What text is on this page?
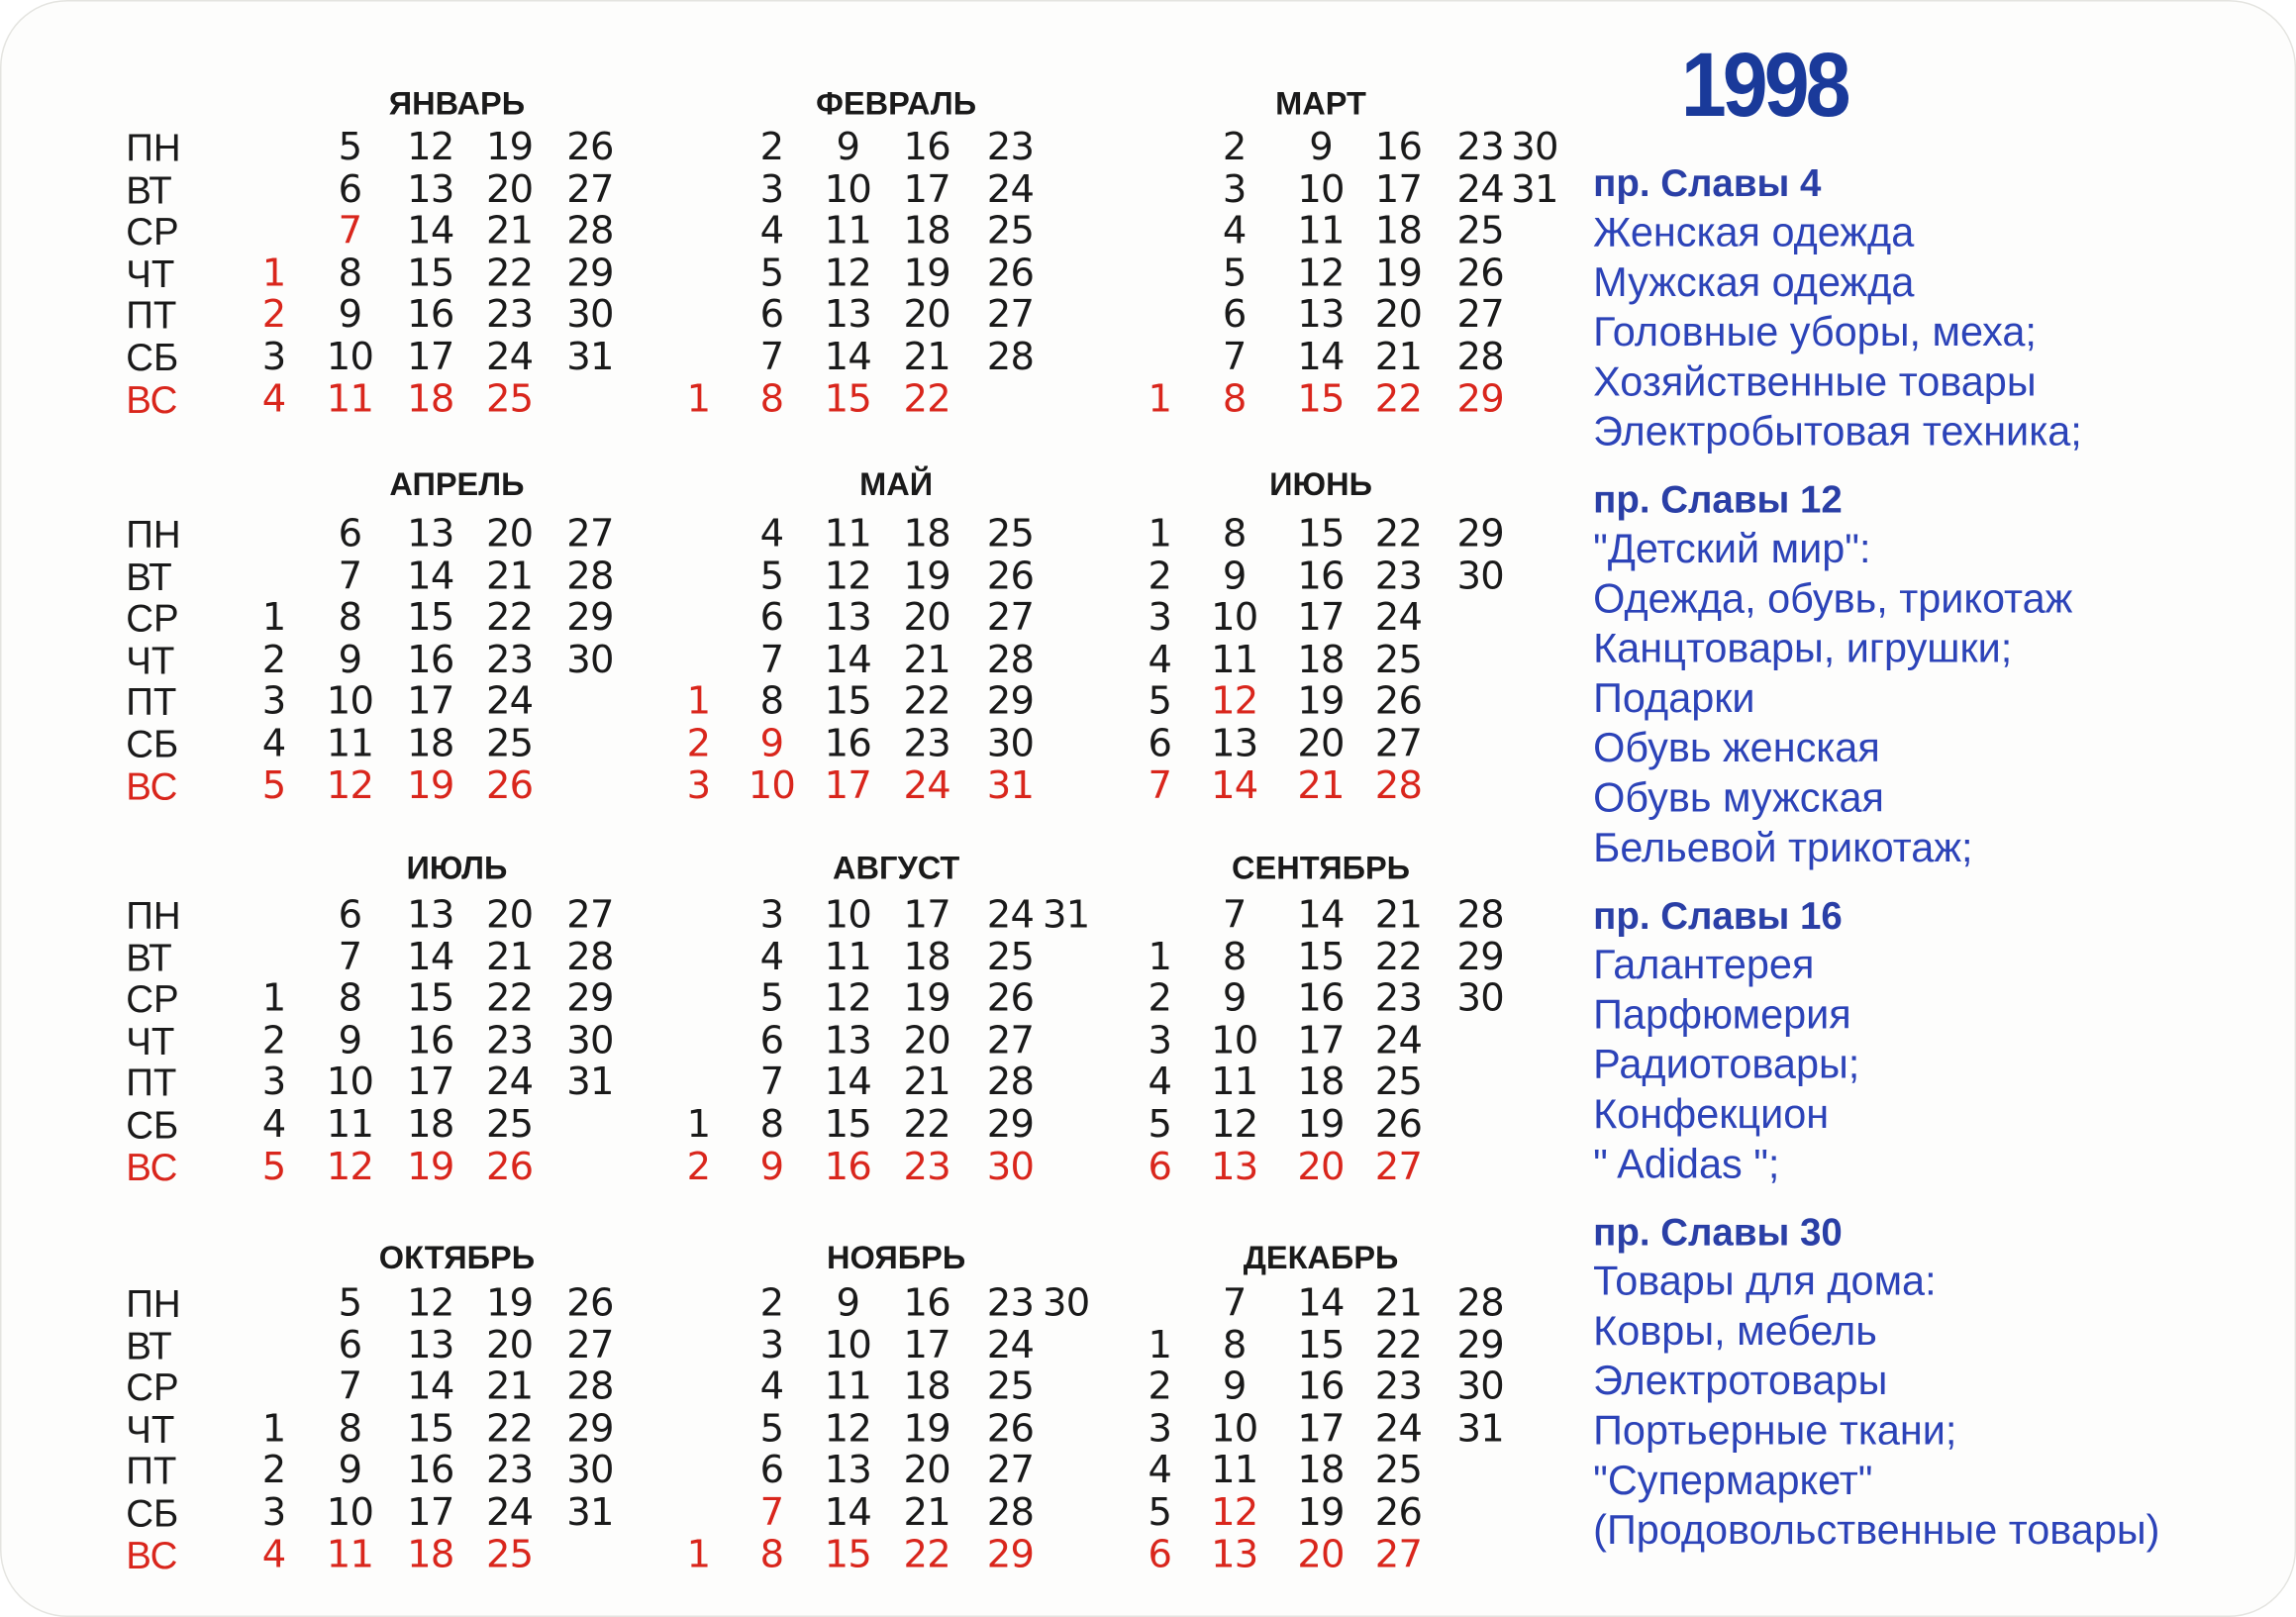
1998
ПН
ВТ
СР
ЧТ
ПТ
СБ
ВС
ЯНВАРЬ
1
2
3
4
5
6
7
8
9
10
11
12
13
14
15
16
17
18
19
20
21
22
23
24
25
26
27
28
29
30
31
ФЕВРАЛЬ
1
2
3
4
5
6
7
8
9
10
11
12
13
14
15
16
17
18
19
20
21
22
23
24
25
26
27
28
МАРТ
1
2
3
4
5
6
7
8
9
10
11
12
13
14
15
16
17
18
19
20
21
22
23
24
25
26
27
28
29
30
31
ПН
ВТ
СР
ЧТ
ПТ
СБ
ВС
АПРЕЛЬ
1
2
3
4
5
6
7
8
9
10
11
12
13
14
15
16
17
18
19
20
21
22
23
24
25
26
27
28
29
30
МАЙ
1
2
3
4
5
6
7
8
9
10
11
12
13
14
15
16
17
18
19
20
21
22
23
24
25
26
27
28
29
30
31
ИЮНЬ
1
2
3
4
5
6
7
8
9
10
11
12
13
14
15
16
17
18
19
20
21
22
23
24
25
26
27
28
29
30
ПН
ВТ
СР
ЧТ
ПТ
СБ
ВС
ИЮЛЬ
1
2
3
4
5
6
7
8
9
10
11
12
13
14
15
16
17
18
19
20
21
22
23
24
25
26
27
28
29
30
31
АВГУСТ
1
2
3
4
5
6
7
8
9
10
11
12
13
14
15
16
17
18
19
20
21
22
23
24
25
26
27
28
29
30
31
СЕНТЯБРЬ
1
2
3
4
5
6
7
8
9
10
11
12
13
14
15
16
17
18
19
20
21
22
23
24
25
26
27
28
29
30
ПН
ВТ
СР
ЧТ
ПТ
СБ
ВС
ОКТЯБРЬ
1
2
3
4
5
6
7
8
9
10
11
12
13
14
15
16
17
18
19
20
21
22
23
24
25
26
27
28
29
30
31
НОЯБРЬ
1
2
3
4
5
6
7
8
9
10
11
12
13
14
15
16
17
18
19
20
21
22
23
24
25
26
27
28
29
30
ДЕКАБРЬ
1
2
3
4
5
6
7
8
9
10
11
12
13
14
15
16
17
18
19
20
21
22
23
24
25
26
27
28
29
30
31
пр. Славы 4
Женская одежда
Мужская одежда
Головные уборы, меха;
Хозяйственные товары
Электробытовая техника;
пр. Славы 12
"Детский мир":
Одежда, обувь, трикотаж
Канцтовары, игрушки;
Подарки
Обувь женская
Обувь мужская
Бельевой трикотаж;
пр. Славы 16
Галантерея
Парфюмерия
Радиотовары;
Конфекцион
" Adidas ";
пр. Славы 30
Товары для дома:
Ковры, мебель
Электротовары
Портьерные ткани;
"Супермаркет"
(Продовольственные товары)
